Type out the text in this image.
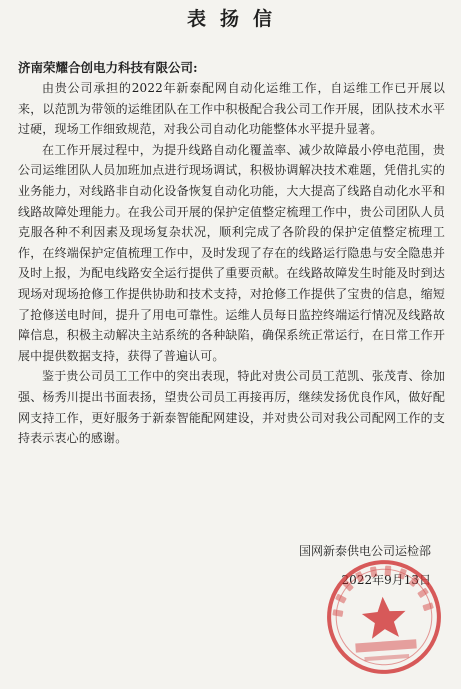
表扬信
济南荣耀合创电力科技有限公司:

由贵公司承担的2022年新泰配网自动化运维工作，自运维工作已开展以来，以范凯为带领的运维团队在工作中积极配合我公司工作开展，团队技术水平过硬，现场工作细致规范，对我公司自动化功能整体水平提升显著。

在工作开展过程中，为提升线路自动化覆盖率、减少故障最小停电范围，贵公司运维团队人员加班加点进行现场调试，积极协调解决技术难题，凭借扎实的业务能力，对线路非自动化设备恢复自动化功能，大大提高了线路自动化水平和线路故障处理能力。在我公司开展的保护定值整定梳理工作中，贵公司团队人员克服各种不利因素及现场复杂状况，顺利完成了各阶段的保护定值整定梳理工作，在终端保护定值梳理工作中，及时发现了存在的线路运行隐患与安全隐患并及时上报，为配电线路安全运行提供了重要贡献。在线路故障发生时能及时到达现场对现场抢修工作提供协助和技术支持，对抢修工作提供了宝贵的信息，缩短了抢修送电时间，提升了用电可靠性。运维人员每日监控终端运行情况及线路故障信息，积极主动解决主站系统的各种缺陷，确保系统正常运行，在日常工作开展中提供数据支持，获得了普遍认可。

鉴于贵公司员工工作中的突出表现，特此对贵公司员工范凯、张茂青、徐加强、杨秀川提出书面表扬，望贵公司员工再接再厉，继续发扬优良作风，做好配网支持工作，更好服务于新泰智能配网建设，并对贵公司对我公司配网工作的支持表示衷心的感谢。

国网新泰供电公司运检部
2022年9月13日
